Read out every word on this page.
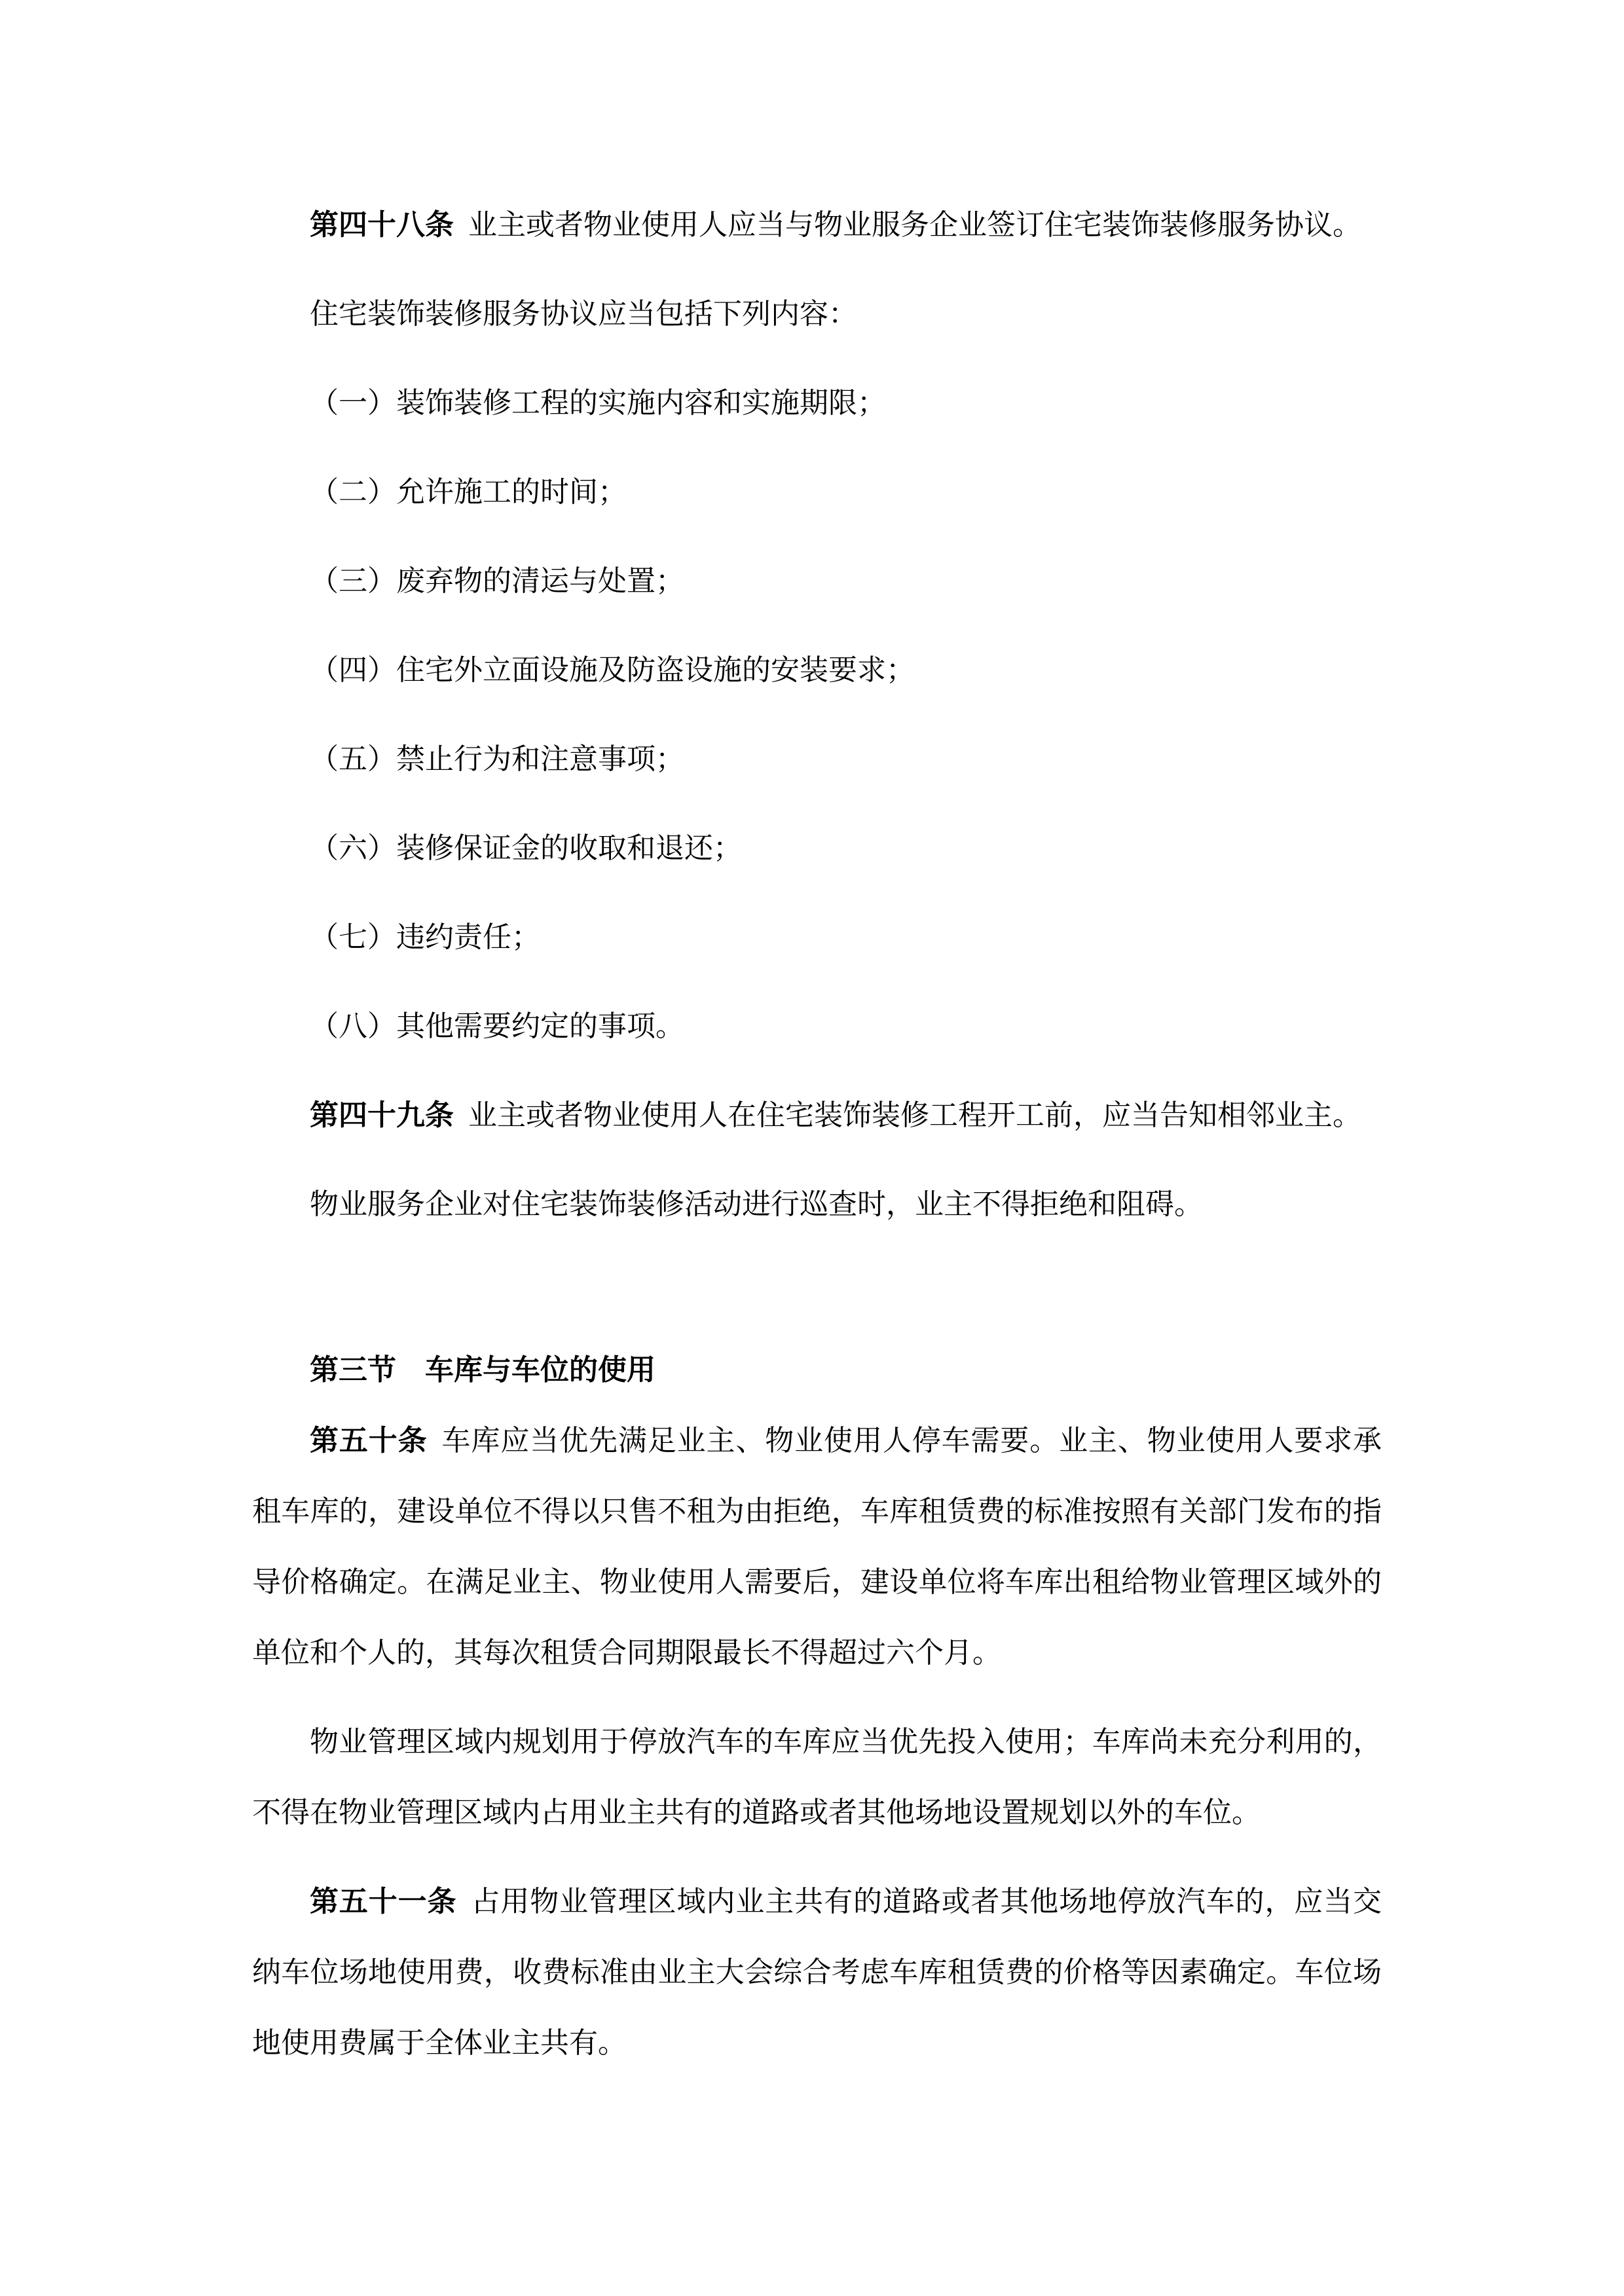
第四十八条 业主或者物业使用人应当与物业服务企业签订住宅装饰装修服务协议。

住宅装饰装修服务协议应当包括下列内容：

（一）装饰装修工程的实施内容和实施期限；

（二）允许施工的时间；

（三）废弃物的清运与处置；

（四）住宅外立面设施及防盗设施的安装要求；

（五）禁止行为和注意事项；

（六）装修保证金的收取和退还；

（七）违约责任；

（八）其他需要约定的事项。

第四十九条 业主或者物业使用人在住宅装饰装修工程开工前，应当告知相邻业主。

物业服务企业对住宅装饰装修活动进行巡查时，业主不得拒绝和阻碍。

第三节 车库与车位的使用

第五十条 车库应当优先满足业主、物业使用人停车需要。业主、物业使用人要求承租车库的，建设单位不得以只售不租为由拒绝，车库租赁费的标准按照有关部门发布的指导价格确定。在满足业主、物业使用人需要后，建设单位将车库出租给物业管理区域外的单位和个人的，其每次租赁合同期限最长不得超过六个月。

物业管理区域内规划用于停放汽车的车库应当优先投入使用；车库尚未充分利用的，不得在物业管理区域内占用业主共有的道路或者其他场地设置规划以外的车位。

第五十一条 占用物业管理区域内业主共有的道路或者其他场地停放汽车的，应当交纳车位场地使用费，收费标准由业主大会综合考虑车库租赁费的价格等因素确定。车位场地使用费属于全体业主共有。
